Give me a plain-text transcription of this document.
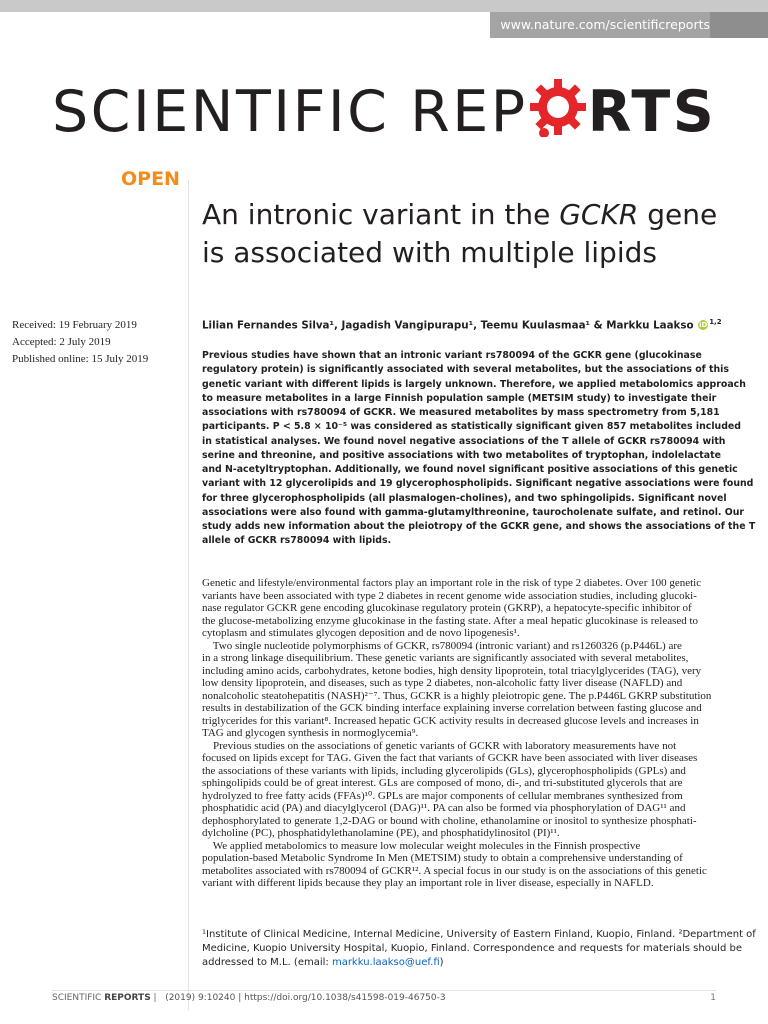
www.nature.com/scientificreports
SCIENTIFIC REP RTS
OPEN
An intronic variant in the GCKR gene is associated with multiple lipids
Received: 19 February 2019
Accepted: 2 July 2019
Published online: 15 July 2019
Lilian Fernandes Silva¹, Jagadish Vangipurapu¹, Teemu Kuulasmaa¹ & Markku Laakso iD $^{1,2}$
Previous studies have shown that an intronic variant rs780094 of the GCKR gene (glucokinase
regulatory protein) is significantly associated with several metabolites, but the associations of this
genetic variant with different lipids is largely unknown. Therefore, we applied metabolomics approach
to measure metabolites in a large Finnish population sample (METSIM study) to investigate their
associations with rs780094 of GCKR. We measured metabolites by mass spectrometry from 5,181
participants. P < 5.8 × 10⁻⁵ was considered as statistically significant given 857 metabolites included
in statistical analyses. We found novel negative associations of the T allele of GCKR rs780094 with
serine and threonine, and positive associations with two metabolites of tryptophan, indolelactate
and N-acetyltryptophan. Additionally, we found novel significant positive associations of this genetic
variant with 12 glycerolipids and 19 glycerophospholipids. Significant negative associations were found
for three glycerophospholipids (all plasmalogen-cholines), and two sphingolipids. Significant novel
associations were also found with gamma-glutamylthreonine, taurocholenate sulfate, and retinol. Our
study adds new information about the pleiotropy of the GCKR gene, and shows the associations of the T
allele of GCKR rs780094 with lipids.
Genetic and lifestyle/environmental factors play an important role in the risk of type 2 diabetes. Over 100 genetic
variants have been associated with type 2 diabetes in recent genome wide association studies, including glucoki-
nase regulator GCKR gene encoding glucokinase regulatory protein (GKRP), a hepatocyte-specific inhibitor of
the glucose-metabolizing enzyme glucokinase in the fasting state. After a meal hepatic glucokinase is released to
cytoplasm and stimulates glycogen deposition and de novo lipogenesis¹.
Two single nucleotide polymorphisms of GCKR, rs780094 (intronic variant) and rs1260326 (p.P446L) are
in a strong linkage disequilibrium. These genetic variants are significantly associated with several metabolites,
including amino acids, carbohydrates, ketone bodies, high density lipoprotein, total triacylglycerides (TAG), very
low density lipoprotein, and diseases, such as type 2 diabetes, non-alcoholic fatty liver disease (NAFLD) and
nonalcoholic steatohepatitis (NASH)²⁻⁷. Thus, GCKR is a highly pleiotropic gene. The p.P446L GKRP substitution
results in destabilization of the GCK binding interface explaining inverse correlation between fasting glucose and
triglycerides for this variant⁸. Increased hepatic GCK activity results in decreased glucose levels and increases in
TAG and glycogen synthesis in normoglycemia⁹.
Previous studies on the associations of genetic variants of GCKR with laboratory measurements have not
focused on lipids except for TAG. Given the fact that variants of GCKR have been associated with liver diseases
the associations of these variants with lipids, including glycerolipids (GLs), glycerophospholipids (GPLs) and
sphingolipids could be of great interest. GLs are composed of mono, di-, and tri-substituted glycerols that are
hydrolyzed to free fatty acids (FFAs)¹⁰. GPLs are major components of cellular membranes synthesized from
phosphatidic acid (PA) and diacylglycerol (DAG)¹¹. PA can also be formed via phosphorylation of DAG¹¹ and
dephosphorylated to generate 1,2-DAG or bound with choline, ethanolamine or inositol to synthesize phosphati-
dylcholine (PC), phosphatidylethanolamine (PE), and phosphatidylinositol (PI)¹¹.
We applied metabolomics to measure low molecular weight molecules in the Finnish prospective
population-based Metabolic Syndrome In Men (METSIM) study to obtain a comprehensive understanding of
metabolites associated with rs780094 of GCKR¹². A special focus in our study is on the associations of this genetic
variant with different lipids because they play an important role in liver disease, especially in NAFLD.
¹Institute of Clinical Medicine, Internal Medicine, University of Eastern Finland, Kuopio, Finland. ²Department of
Medicine, Kuopio University Hospital, Kuopio, Finland. Correspondence and requests for materials should be
addressed to M.L. (email: markku.laakso@uef.fi)
SCIENTIFIC REPORTS | (2019) 9:10240 | https://doi.org/10.1038/s41598-019-46750-3	1
